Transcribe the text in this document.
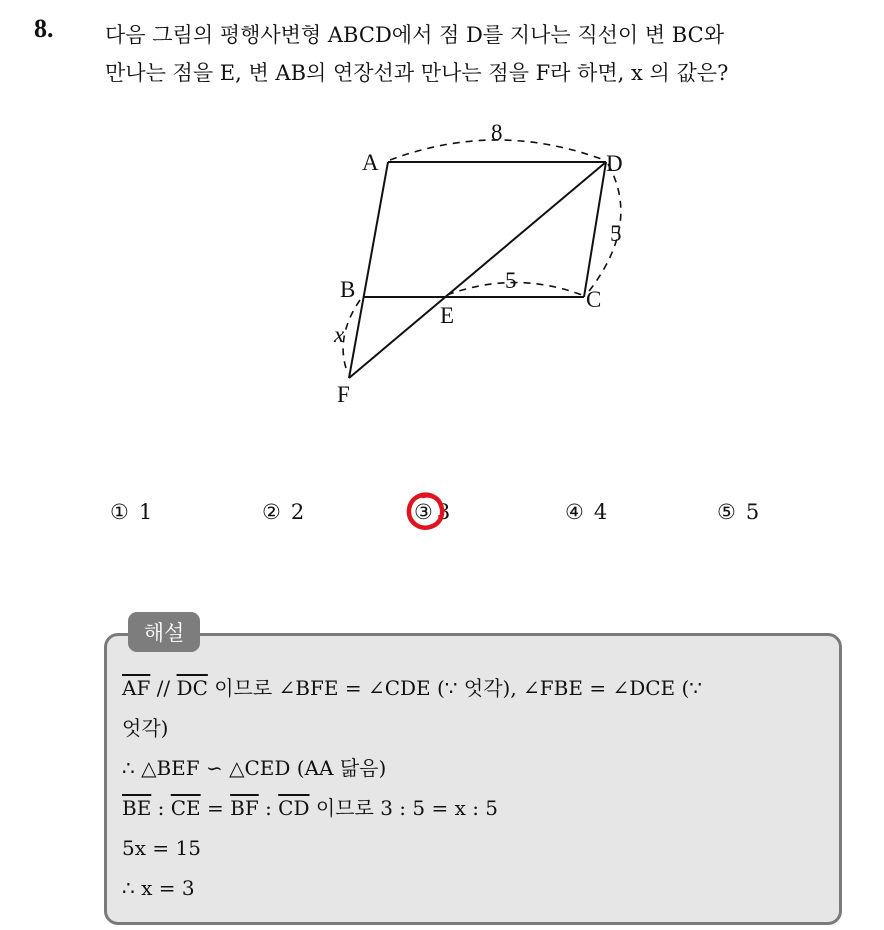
8. 다음 그림의 평행사변형 ABCD에서 점 D를 지나는 직선이 변 BC와
만나는 점을 E, 변 AB의 연장선과 만나는 점을 F라 하면, x 의 값은?
A	D
B	C
E
F
8
5
5
x
① 1	② 2	③ 3	④ 4	⑤ 5
해설
$\overline{AF} // \overline{DC}$ 이므로 ∠BFE = ∠CDE (∵ 엇각), ∠FBE = ∠DCE (∵
엇각)
∴ △BEF ∽ △CED (AA 닮음)
$\overline{BE}$ : $\overline{CE} = \overline{BF}$ : $\overline{CD}$ 이므로 3 : 5 = x : 5
5x = 15
∴ x = 3
